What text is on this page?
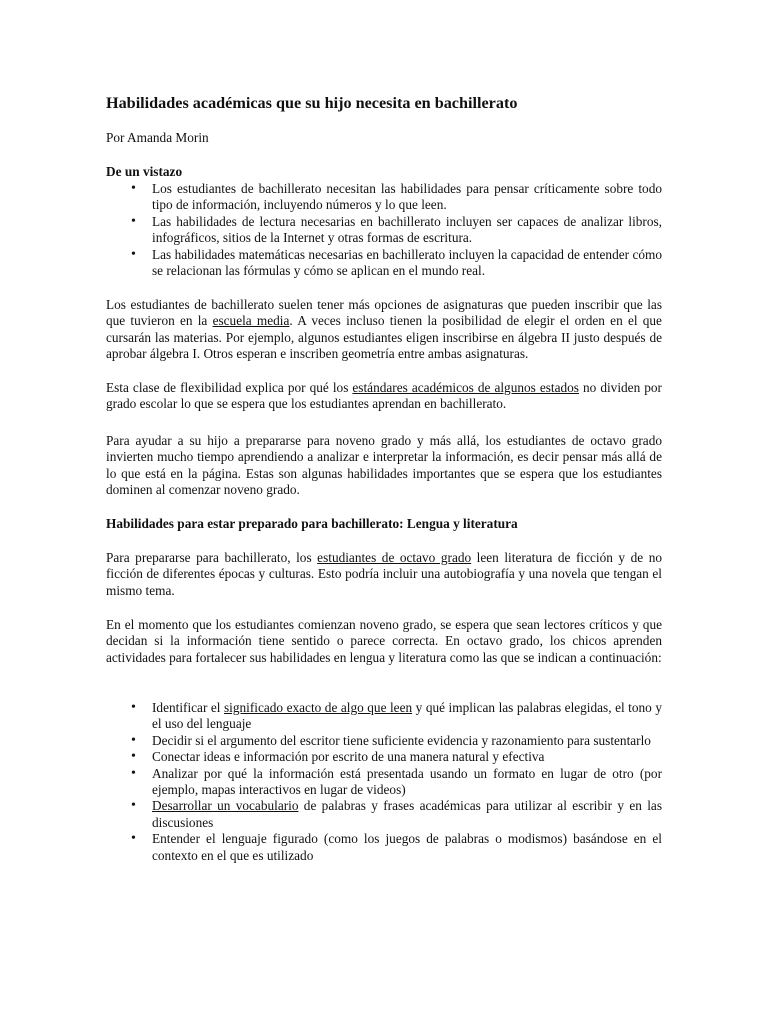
Habilidades académicas que su hijo necesita en bachillerato
Por Amanda Morin
De un vistazo
• Los estudiantes de bachillerato necesitan las habilidades para pensar críticamente sobre todo tipo de información, incluyendo números y lo que leen.
• Las habilidades de lectura necesarias en bachillerato incluyen ser capaces de analizar libros, infográficos, sitios de la Internet y otras formas de escritura.
• Las habilidades matemáticas necesarias en bachillerato incluyen la capacidad de entender cómo se relacionan las fórmulas y cómo se aplican en el mundo real.

Los estudiantes de bachillerato suelen tener más opciones de asignaturas que pueden inscribir que las que tuvieron en la escuela media. A veces incluso tienen la posibilidad de elegir el orden en el que cursarán las materias. Por ejemplo, algunos estudiantes eligen inscribirse en álgebra II justo después de aprobar álgebra I. Otros esperan e inscriben geometría entre ambas asignaturas.

Esta clase de flexibilidad explica por qué los estándares académicos de algunos estados no dividen por grado escolar lo que se espera que los estudiantes aprendan en bachillerato.

Para ayudar a su hijo a prepararse para noveno grado y más allá, los estudiantes de octavo grado invierten mucho tiempo aprendiendo a analizar e interpretar la información, es decir pensar más allá de lo que está en la página. Estas son algunas habilidades importantes que se espera que los estudiantes dominen al comenzar noveno grado.

Habilidades para estar preparado para bachillerato: Lengua y literatura

Para prepararse para bachillerato, los estudiantes de octavo grado leen literatura de ficción y de no ficción de diferentes épocas y culturas. Esto podría incluir una autobiografía y una novela que tengan el mismo tema.

En el momento que los estudiantes comienzan noveno grado, se espera que sean lectores críticos y que decidan si la información tiene sentido o parece correcta. En octavo grado, los chicos aprenden actividades para fortalecer sus habilidades en lengua y literatura como las que se indican a continuación:

• Identificar el significado exacto de algo que leen y qué implican las palabras elegidas, el tono y el uso del lenguaje
• Decidir si el argumento del escritor tiene suficiente evidencia y razonamiento para sustentarlo
• Conectar ideas e información por escrito de una manera natural y efectiva
• Analizar por qué la información está presentada usando un formato en lugar de otro (por ejemplo, mapas interactivos en lugar de videos)
• Desarrollar un vocabulario de palabras y frases académicas para utilizar al escribir y en las discusiones
• Entender el lenguaje figurado (como los juegos de palabras o modismos) basándose en el contexto en el que es utilizado
